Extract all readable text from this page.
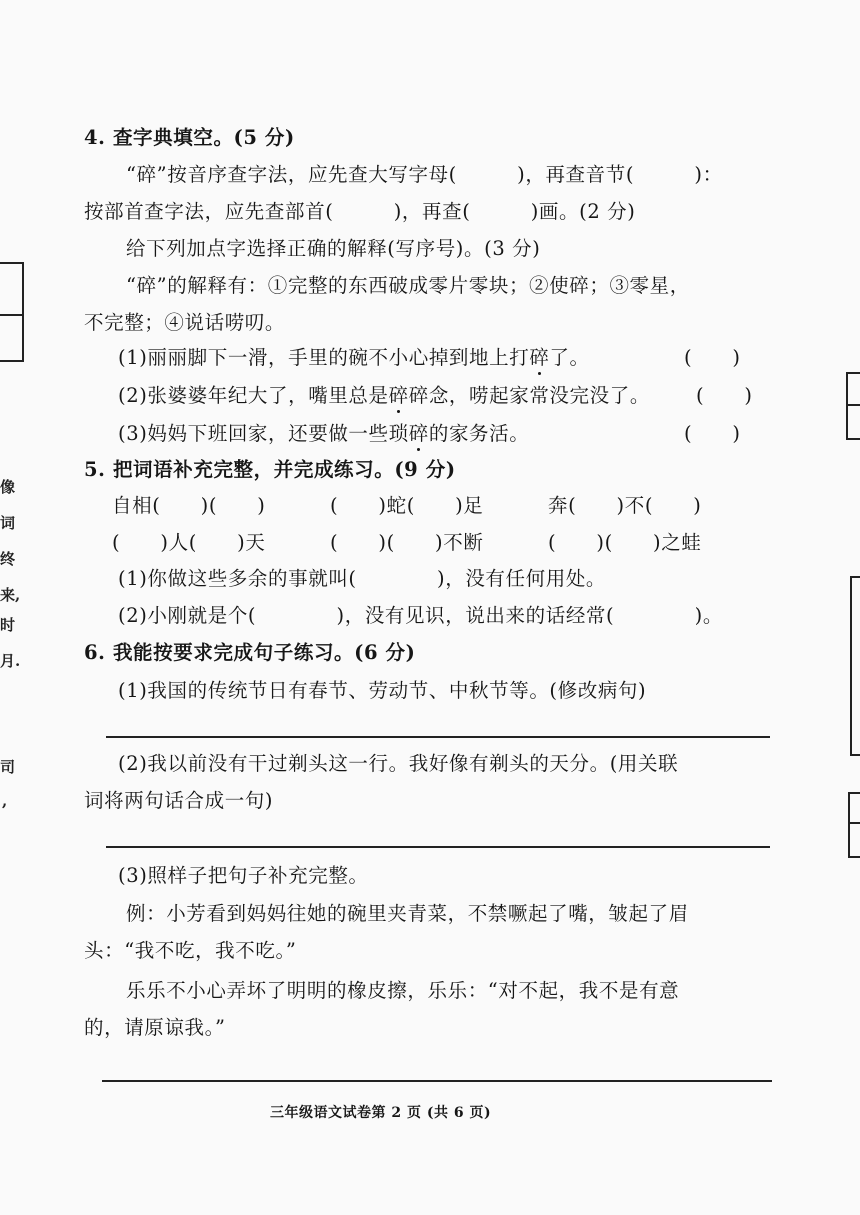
像
词
终
来,
时
月.
司
,
4. 查字典填空。(5 分)
“碎”按音序查字法，应先查大写字母(　　　)，再查音节(　　　)：
按部首查字法，应先查部首(　　　)，再查(　　　)画。(2 分)
给下列加点字选择正确的解释(写序号)。(3 分)
“碎”的解释有：①完整的东西破成零片零块；②使碎；③零星，
不完整；④说话唠叨。
(1)丽丽脚下一滑，手里的碗不小心掉到地上打碎了。	(　　)
(2)张婆婆年纪大了，嘴里总是碎碎念，唠起家常没完没了。 (　　)
(3)妈妈下班回家，还要做一些琐碎的家务活。	(　　)
5. 把词语补充完整，并完成练习。(9 分)
自相(　　)(　　)	(　　)蛇(　　)足	奔(　　)不(　　)
(　　)人(　　)天	(　　)(　　)不断	(　　)(　　)之蛙
(1)你做这些多余的事就叫(　　　　)，没有任何用处。
(2)小刚就是个(　　　　)，没有见识，说出来的话经常(　　　　)。
6. 我能按要求完成句子练习。(6 分)
(1)我国的传统节日有春节、劳动节、中秋节等。(修改病句)
(2)我以前没有干过剃头这一行。我好像有剃头的天分。(用关联
词将两句话合成一句)
(3)照样子把句子补充完整。
例：小芳看到妈妈往她的碗里夹青菜，不禁噘起了嘴，皱起了眉
头：“我不吃，我不吃。”
乐乐不小心弄坏了明明的橡皮擦，乐乐：“对不起，我不是有意
的，请原谅我。”
三年级语文试卷第 2 页 (共 6 页)
